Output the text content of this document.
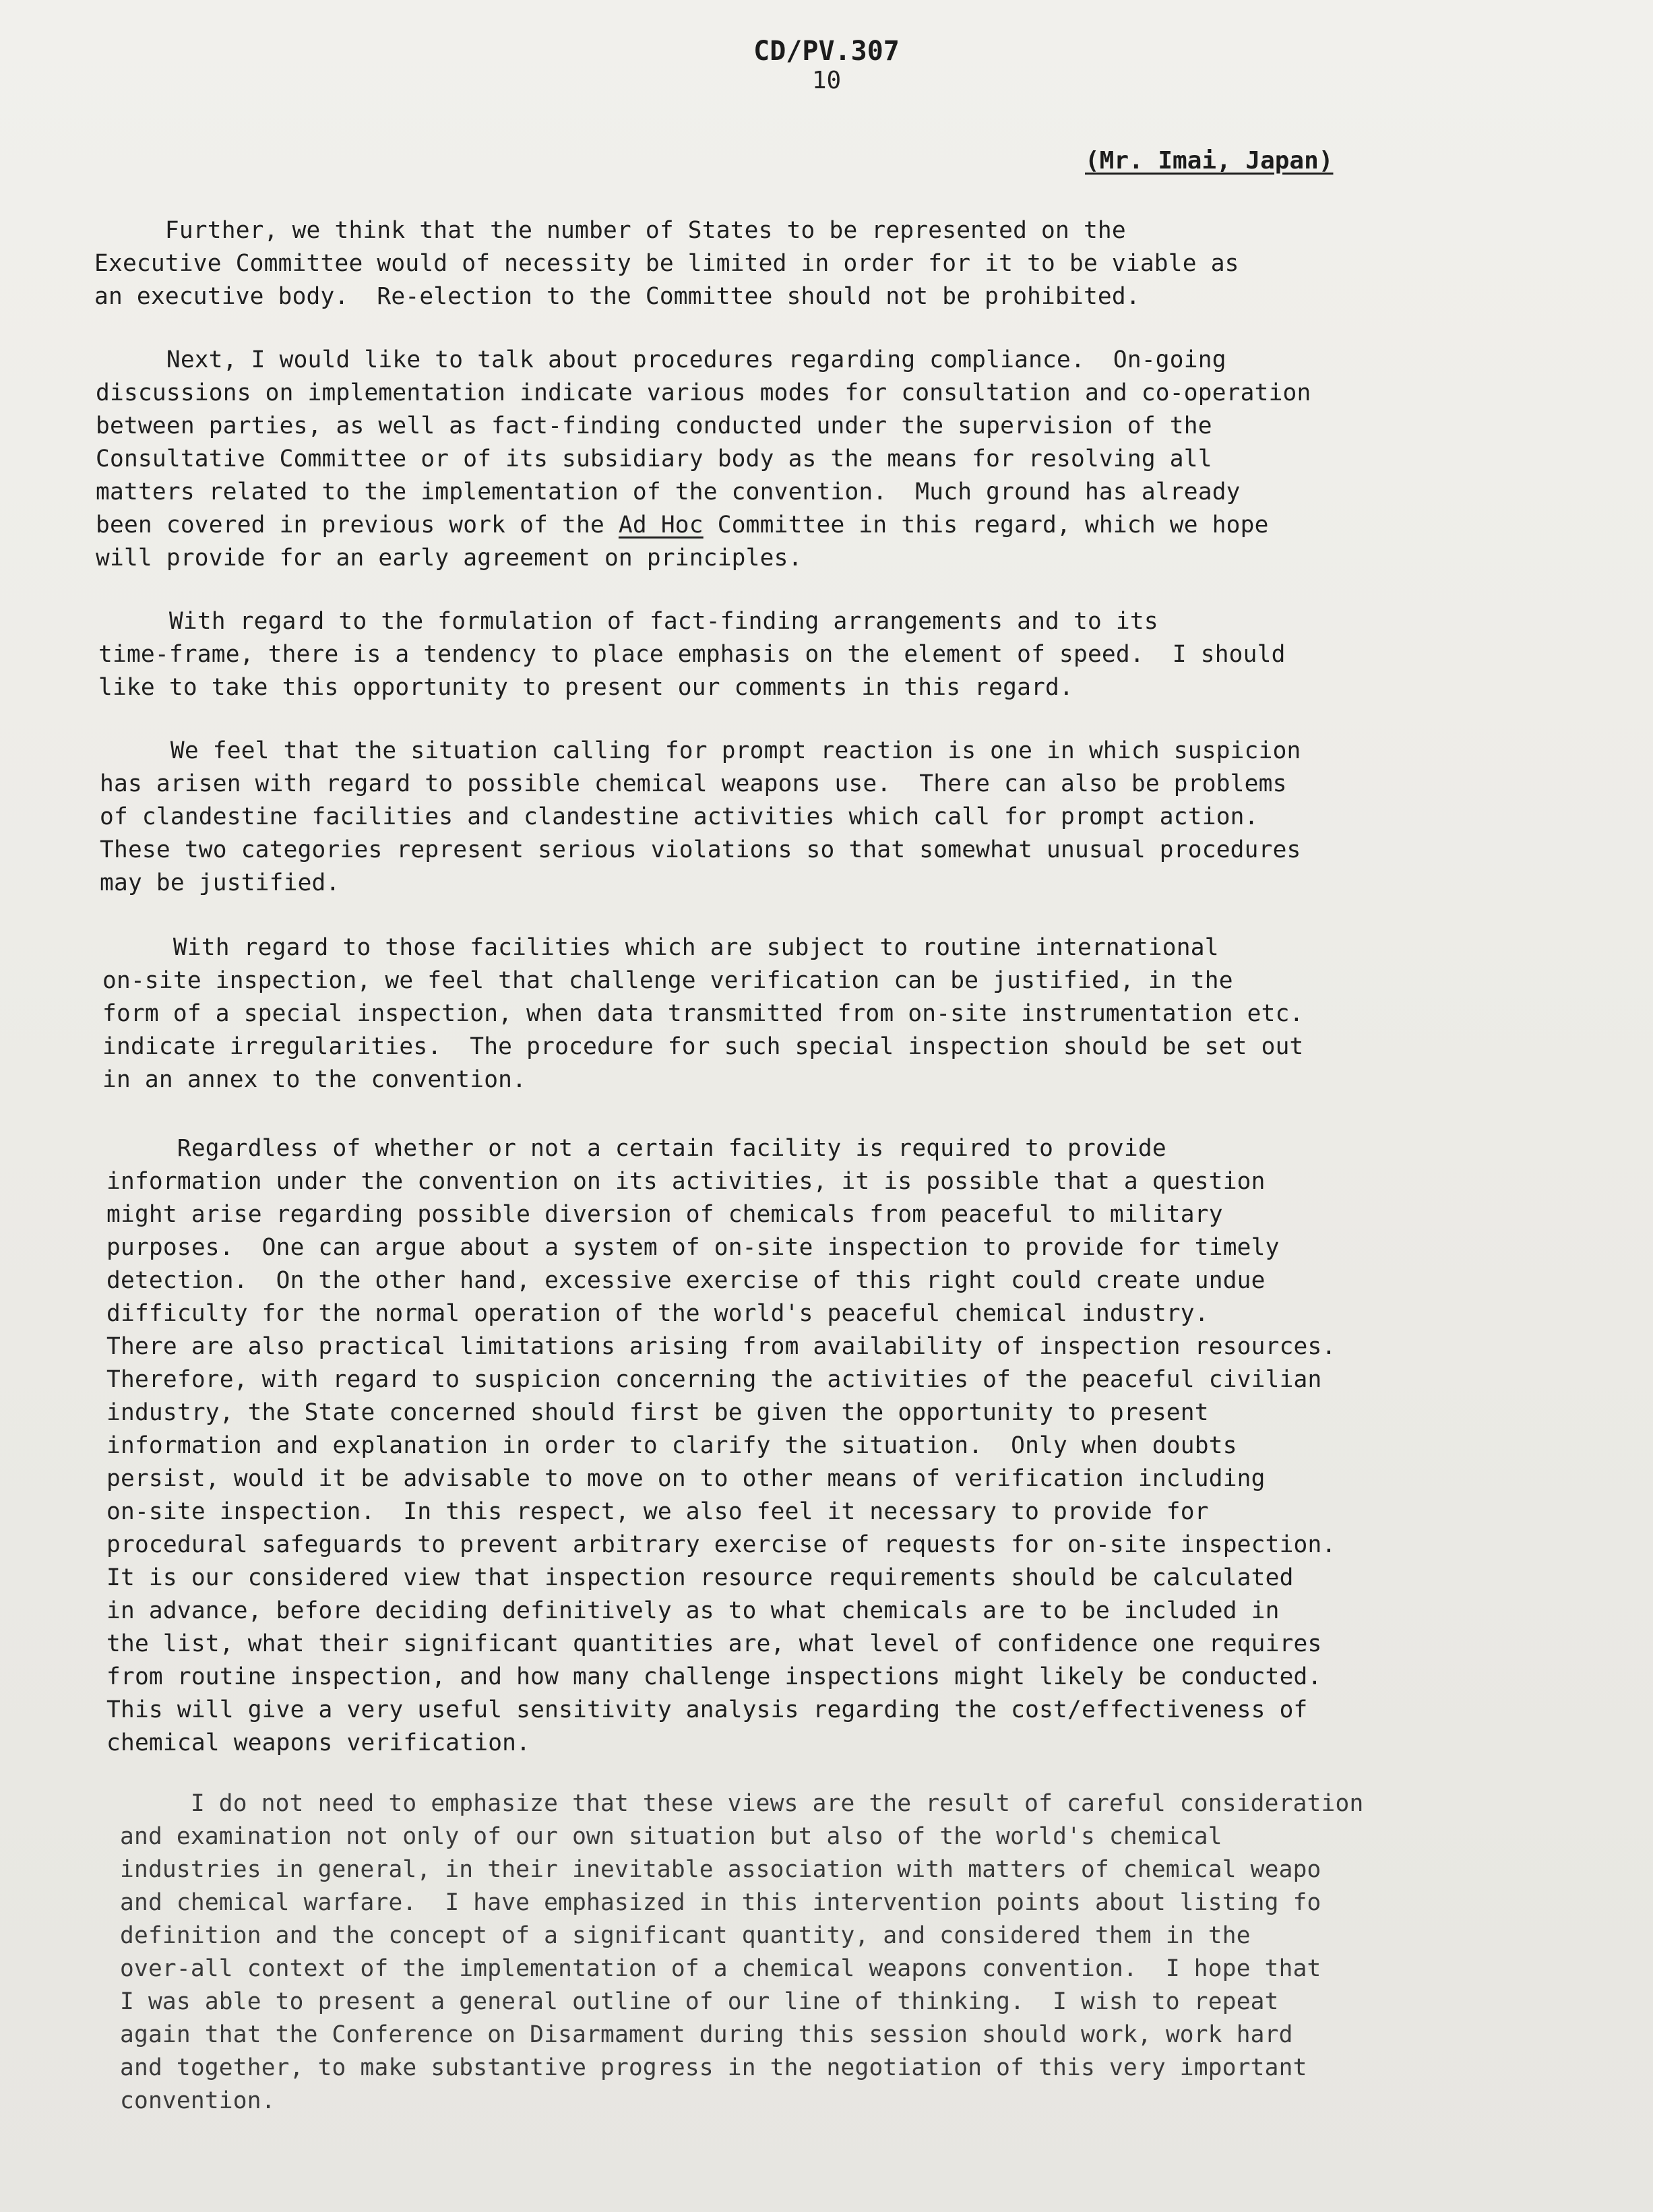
CD/PV.307
10
(Mr. Imai, Japan)
Further, we think that the number of States to be represented on the
Executive Committee would of necessity be limited in order for it to be viable as
an executive body.  Re-election to the Committee should not be prohibited.
Next, I would like to talk about procedures regarding compliance.  On-going
discussions on implementation indicate various modes for consultation and co-operation
between parties, as well as fact-finding conducted under the supervision of the
Consultative Committee or of its subsidiary body as the means for resolving all
matters related to the implementation of the convention.  Much ground has already
been covered in previous work of the Ad Hoc Committee in this regard, which we hope
will provide for an early agreement on principles.
With regard to the formulation of fact-finding arrangements and to its
time-frame, there is a tendency to place emphasis on the element of speed.  I should
like to take this opportunity to present our comments in this regard.
We feel that the situation calling for prompt reaction is one in which suspicion
has arisen with regard to possible chemical weapons use.  There can also be problems
of clandestine facilities and clandestine activities which call for prompt action.
These two categories represent serious violations so that somewhat unusual procedures
may be justified.
With regard to those facilities which are subject to routine international
on-site inspection, we feel that challenge verification can be justified, in the
form of a special inspection, when data transmitted from on-site instrumentation etc.
indicate irregularities.  The procedure for such special inspection should be set out
in an annex to the convention.
Regardless of whether or not a certain facility is required to provide
information under the convention on its activities, it is possible that a question
might arise regarding possible diversion of chemicals from peaceful to military
purposes.  One can argue about a system of on-site inspection to provide for timely
detection.  On the other hand, excessive exercise of this right could create undue
difficulty for the normal operation of the world's peaceful chemical industry.
There are also practical limitations arising from availability of inspection resources.
Therefore, with regard to suspicion concerning the activities of the peaceful civilian
industry, the State concerned should first be given the opportunity to present
information and explanation in order to clarify the situation.  Only when doubts
persist, would it be advisable to move on to other means of verification including
on-site inspection.  In this respect, we also feel it necessary to provide for
procedural safeguards to prevent arbitrary exercise of requests for on-site inspection.
It is our considered view that inspection resource requirements should be calculated
in advance, before deciding definitively as to what chemicals are to be included in
the list, what their significant quantities are, what level of confidence one requires
from routine inspection, and how many challenge inspections might likely be conducted.
This will give a very useful sensitivity analysis regarding the cost/effectiveness of
chemical weapons verification.
I do not need to emphasize that these views are the result of careful consideration
and examination not only of our own situation but also of the world's chemical
industries in general, in their inevitable association with matters of chemical weapo
and chemical warfare.  I have emphasized in this intervention points about listing fo
definition and the concept of a significant quantity, and considered them in the
over-all context of the implementation of a chemical weapons convention.  I hope that
I was able to present a general outline of our line of thinking.  I wish to repeat
again that the Conference on Disarmament during this session should work, work hard
and together, to make substantive progress in the negotiation of this very important
convention.
